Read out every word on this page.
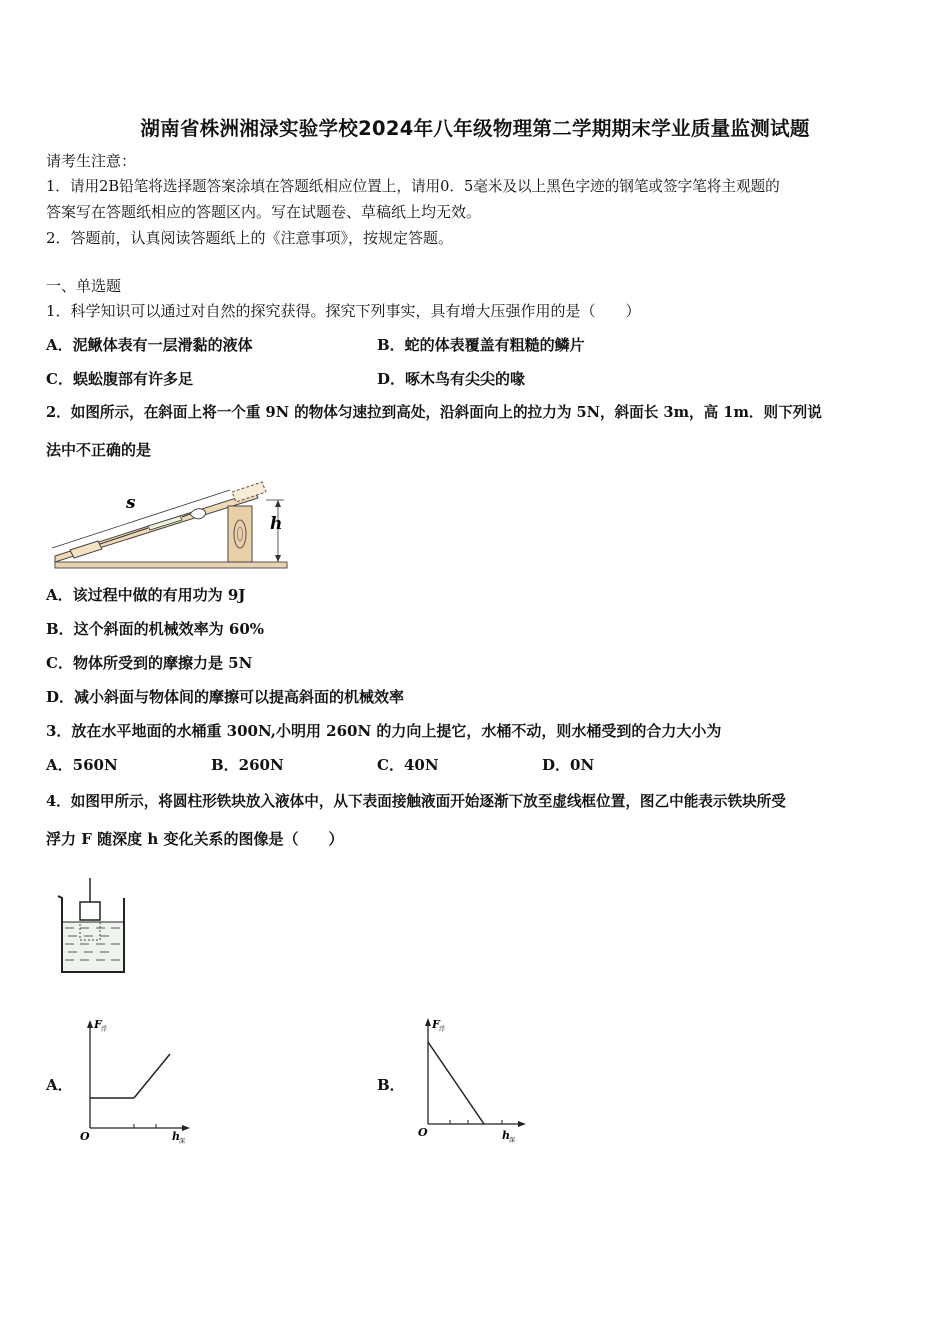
湖南省株洲湘渌实验学校2024年八年级物理第二学期期末学业质量监测试题
请考生注意：
1．请用2B铅笔将选择题答案涂填在答题纸相应位置上，请用0．5毫米及以上黑色字迹的钢笔或签字笔将主观题的
答案写在答题纸相应的答题区内。写在试题卷、草稿纸上均无效。
2．答题前，认真阅读答题纸上的《注意事项》，按规定答题。
一、单选题
1．科学知识可以通过对自然的探究获得。探究下列事实，具有增大压强作用的是（　　）
A．泥鳅体表有一层滑黏的液体	B．蛇的体表覆盖有粗糙的鳞片
C．蜈蚣腹部有许多足	D．啄木鸟有尖尖的喙
2．如图所示，在斜面上将一个重 9N 的物体匀速拉到高处，沿斜面向上的拉力为 5N，斜面长 3m，高 1m．则下列说
法中不正确的是
s
h
A．该过程中做的有用功为 9J
B．这个斜面的机械效率为 60%
C．物体所受到的摩擦力是 5N
D．减小斜面与物体间的摩擦可以提高斜面的机械效率
3．放在水平地面的水桶重 300N,小明用 260N 的力向上提它，水桶不动，则水桶受到的合力大小为
A．560N	B．260N	C．40N	D．0N
4．如图甲所示，将圆柱形铁块放入液体中，从下表面接触液面开始逐渐下放至虚线框位置，图乙中能表示铁块所受
浮力 F 随深度 h 变化关系的图像是（　　）
A．
F 浮
O	h 深
B．
F 浮
O	h 深
